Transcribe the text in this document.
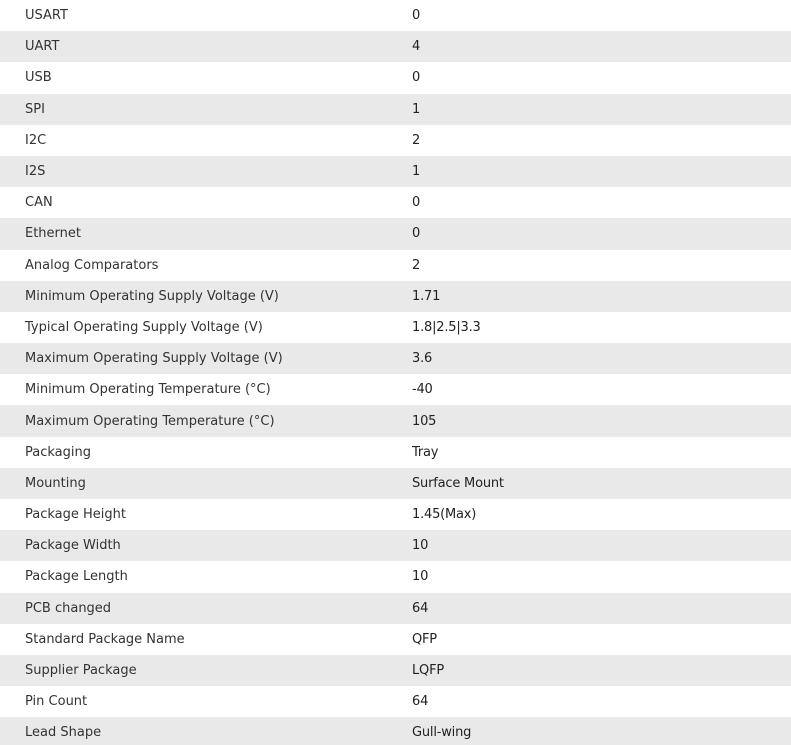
USART	0
UART	4
USB	0
SPI	1
I2C	2
I2S	1
CAN	0
Ethernet	0
Analog Comparators	2
Minimum Operating Supply Voltage (V)	1.71
Typical Operating Supply Voltage (V)	1.8|2.5|3.3
Maximum Operating Supply Voltage (V)	3.6
Minimum Operating Temperature (°C)	-40
Maximum Operating Temperature (°C)	105
Packaging	Tray
Mounting	Surface Mount
Package Height	1.45(Max)
Package Width	10
Package Length	10
PCB changed	64
Standard Package Name	QFP
Supplier Package	LQFP
Pin Count	64
Lead Shape	Gull-wing
